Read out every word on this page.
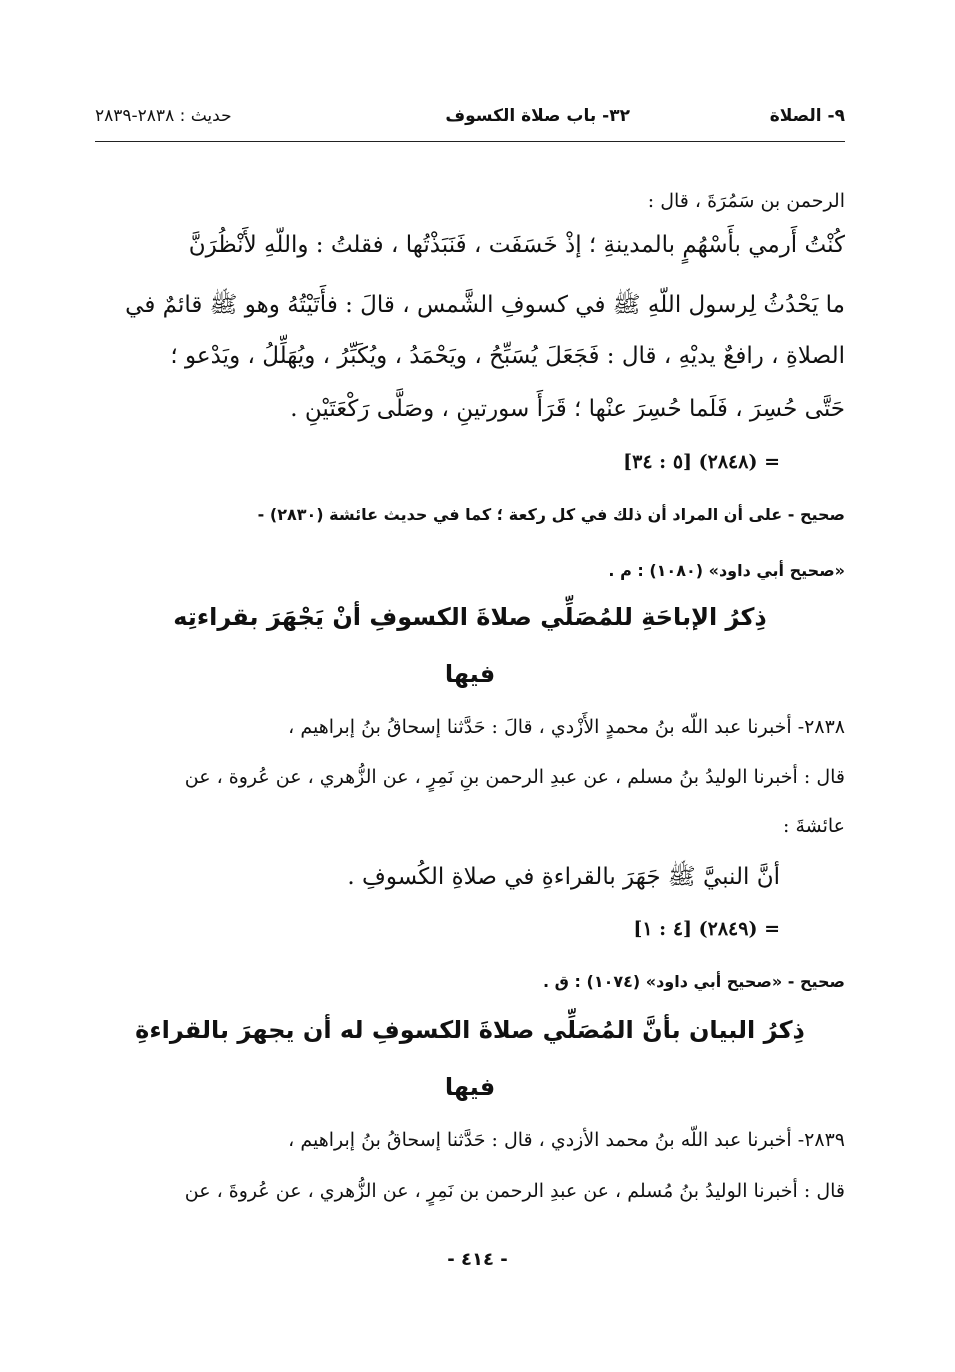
٩- الصلاة
٣٢- باب صلاة الكسوف
حديث : ٢٨٣٨-٢٨٣٩
الرحمن بن سَمُرَةَ ، قال :
كُنْتُ أَرمي بأَسْهُمٍ بالمدينةِ ؛ إذْ خَسَفَت ، فَنَبَذْتُها ، فقلتُ : واللّهِ لأَنْظُرَنَّ
ما يَحْدُثُ لِرسول اللّهِ ﷺ في كسوفِ الشَّمس ، قالَ : فأَتَيْتُهُ وهو ﷺ قائمٌ في
الصلاةِ ، رافعٌ يديْهِ ، قال : فَجَعَلَ يُسَبِّحُ ، ويَحْمَدُ ، ويُكَبِّرُ ، ويُهَلِّلُ ، ويَدْعو ؛
حَتَّى حُسِرَ ، فَلَما حُسِرَ عنْها ؛ قَرَأَ سورتينِ ، وصَلَّى رَكْعَتَيْنِ .
= (٢٨٤٨) [٥ : ٣٤]
صحيح - على أن المراد أن ذلك في كل ركعة ؛ كما في حديث عائشة (٢٨٣٠) -
«صحيح أبي داود» (١٠٨٠) : م .
ذِكرُ الإباحَةِ للمُصَلِّي صلاةَ الكسوفِ أنْ يَجْهَرَ بقراءتِه
فيها
٢٨٣٨- أخبرنا عبد اللّه بنُ محمدٍ الأَزْدي ، قالَ : حَدَّثنا إسحاقُ بنُ إبراهيم ،
قال : أخبرنا الوليدُ بنُ مسلم ، عن عبدِ الرحمن بنِ نَمِرٍ ، عن الزُّهري ، عن عُروة ، عن
عائشةَ :
أنَّ النبيَّ ﷺ جَهَرَ بالقراءةِ في صلاةِ الكُسوفِ .
= (٢٨٤٩) [٤ : ١]
صحيح - «صحيح أبي داود» (١٠٧٤) : ق .
ذِكرُ البيان بأنَّ المُصَلِّي صلاةَ الكسوفِ له أن يجهرَ بالقراءةِ
فيها
٢٨٣٩- أخبرنا عبد اللّه بنُ محمد الأزدي ، قال : حَدَّثنا إسحاقُ بنُ إبراهيم ،
قال : أخبرنا الوليدُ بنُ مُسلم ، عن عبدِ الرحمن بن نَمِرٍ ، عن الزُّهري ، عن عُروةَ ، عن
- ٤١٤ -
